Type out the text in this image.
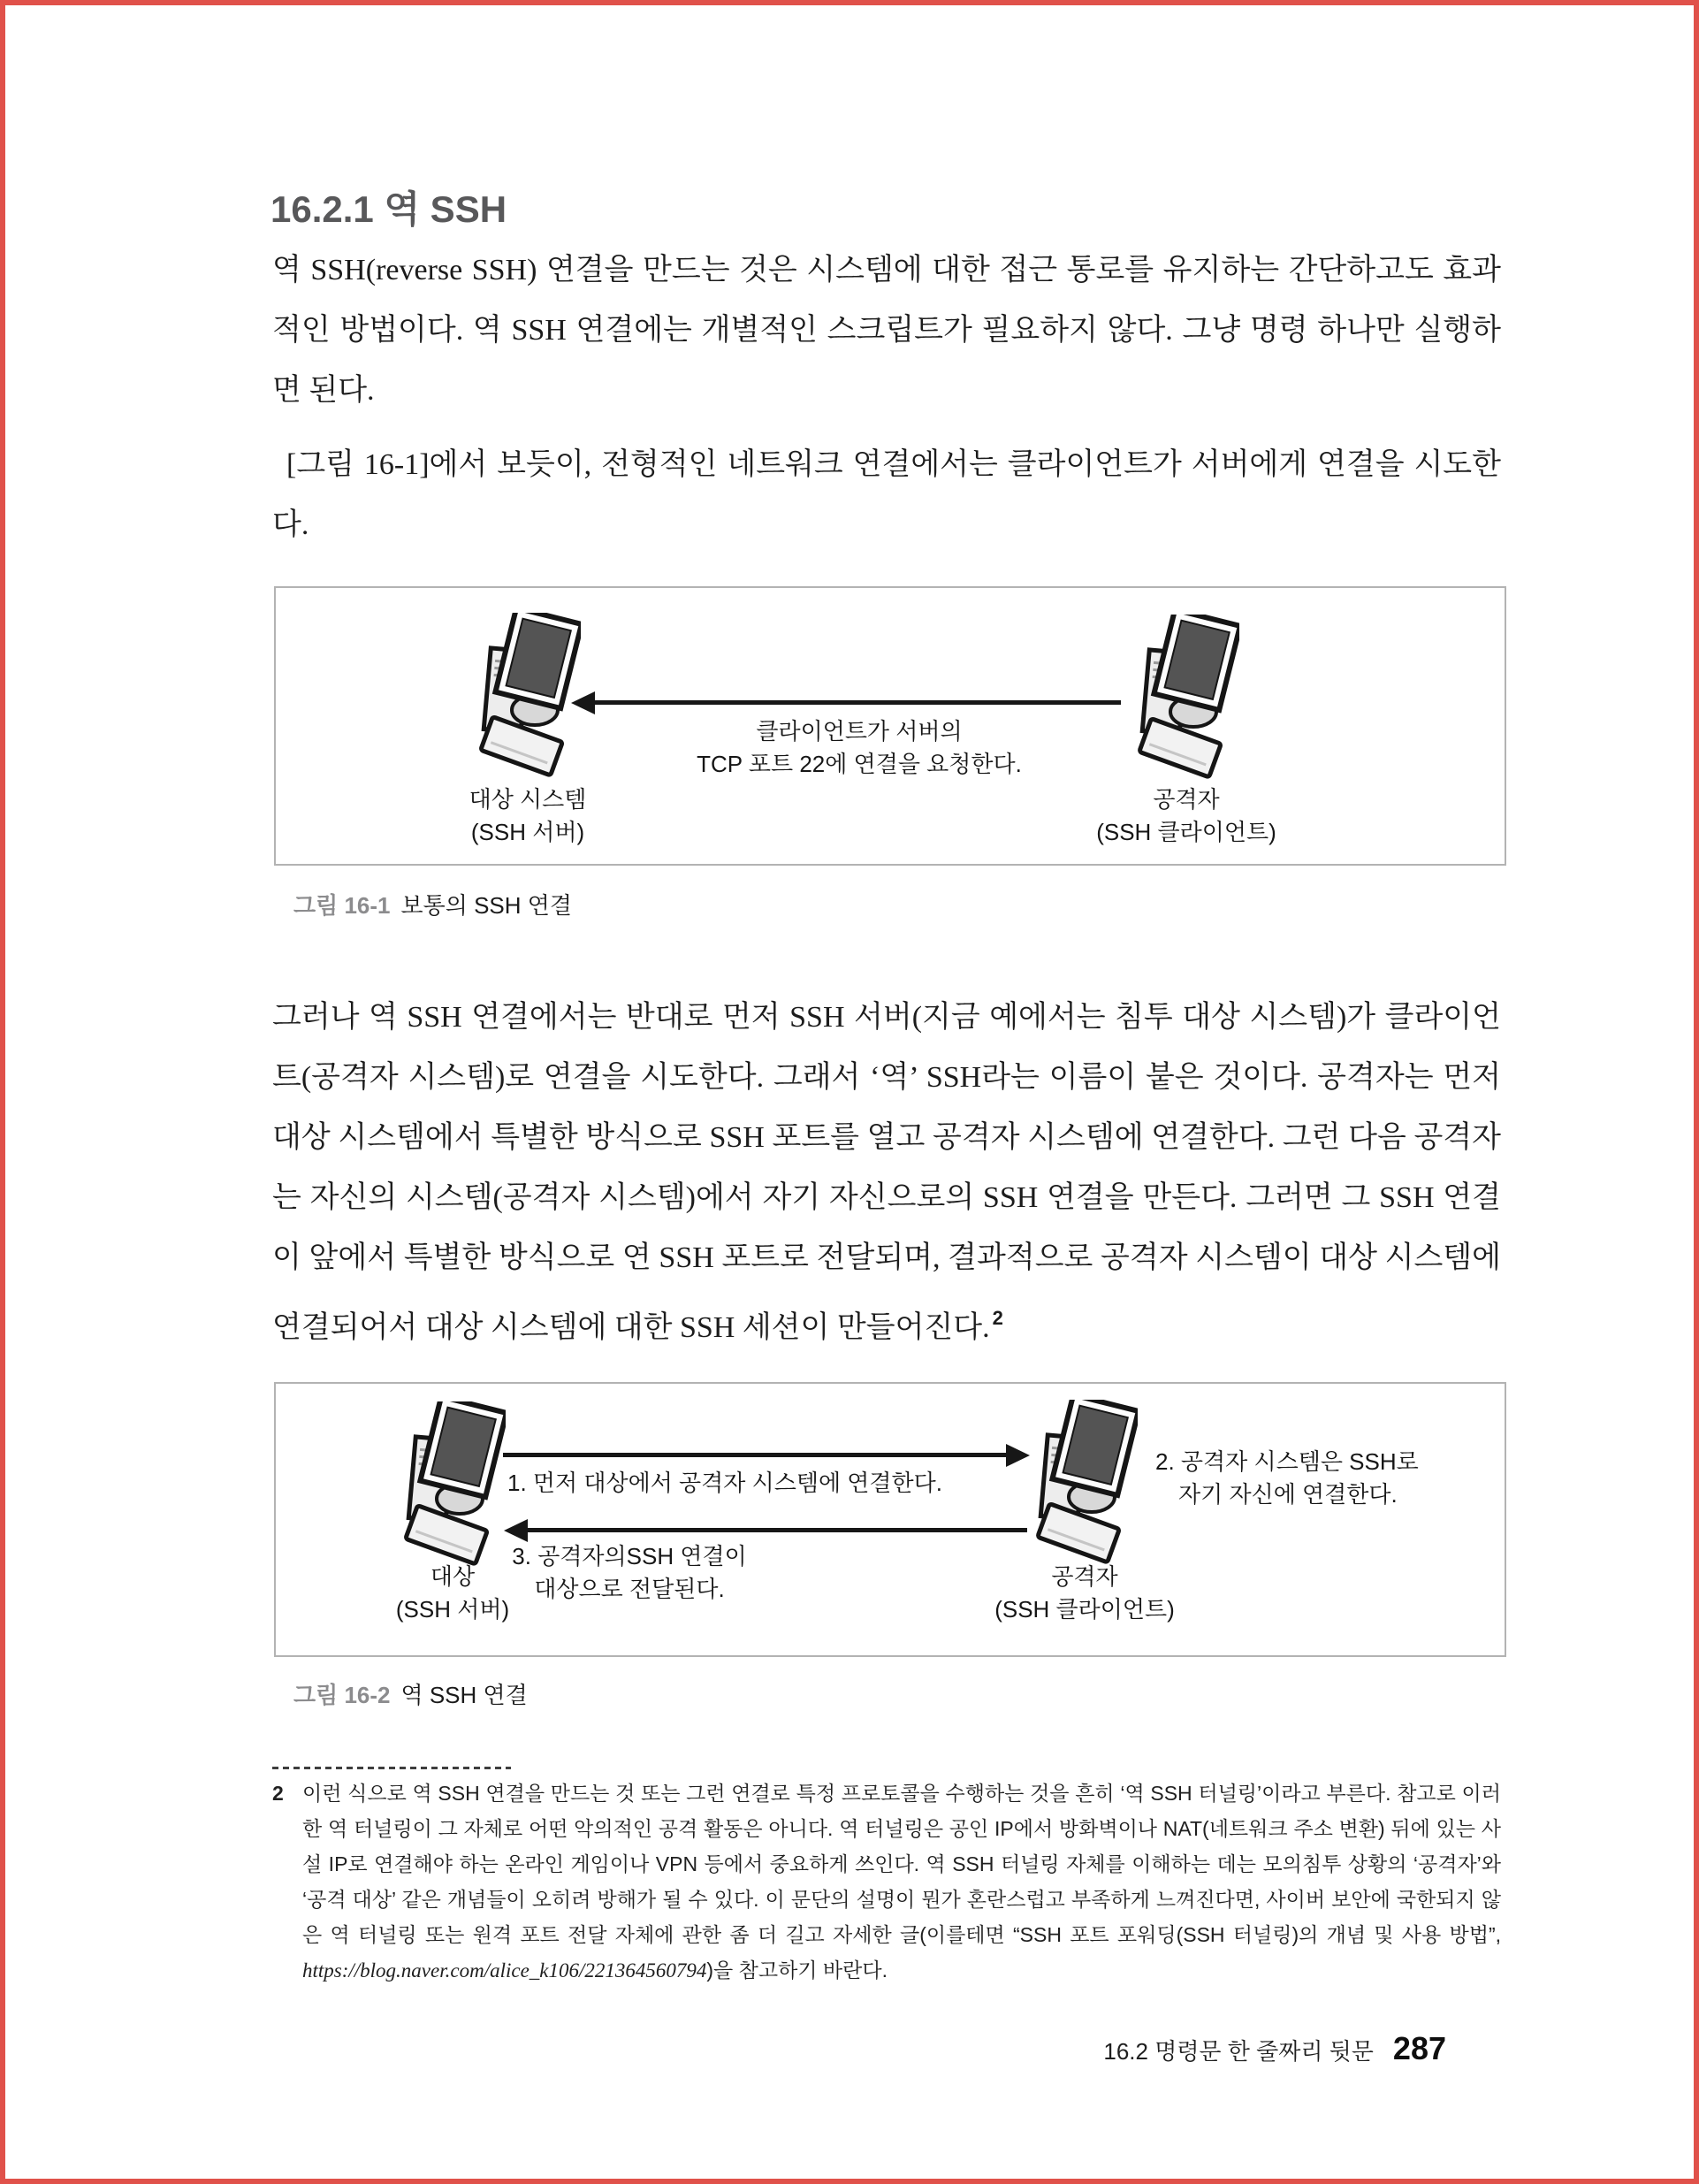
16.2.1 역 SSH

역 SSH(reverse SSH) 연결을 만드는 것은 시스템에 대한 접근 통로를 유지하는 간단하고도 효과적인 방법이다. 역 SSH 연결에는 개별적인 스크립트가 필요하지 않다. 그냥 명령 하나만 실행하면 된다.

[그림 16-1]에서 보듯이, 전형적인 네트워크 연결에서는 클라이언트가 서버에게 연결을 시도한다.

클라이언트가 서버의
TCP 포트 22에 연결을 요청한다.
대상 시스템
(SSH 서버)
공격자
(SSH 클라이언트)

그림 16-1 보통의 SSH 연결

그러나 역 SSH 연결에서는 반대로 먼저 SSH 서버(지금 예에서는 침투 대상 시스템)가 클라이언트(공격자 시스템)로 연결을 시도한다. 그래서 ‘역’ SSH라는 이름이 붙은 것이다. 공격자는 먼저 대상 시스템에서 특별한 방식으로 SSH 포트를 열고 공격자 시스템에 연결한다. 그런 다음 공격자는 자신의 시스템(공격자 시스템)에서 자기 자신으로의 SSH 연결을 만든다. 그러면 그 SSH 연결이 앞에서 특별한 방식으로 연 SSH 포트로 전달되며, 결과적으로 공격자 시스템이 대상 시스템에 연결되어서 대상 시스템에 대한 SSH 세션이 만들어진다. $^2$

1. 먼저 대상에서 공격자 시스템에 연결한다.
3. 공격자의SSH 연결이
대상으로 전달된다.
2. 공격자 시스템은 SSH로
자기 자신에 연결한다.
대상
(SSH 서버)
공격자
(SSH 클라이언트)

그림 16-2 역 SSH 연결

2 이런 식으로 역 SSH 연결을 만드는 것 또는 그런 연결로 특정 프로토콜을 수행하는 것을 흔히 ‘역 SSH 터널링’이라고 부른다. 참고로 이러한 역 터널링이 그 자체로 어떤 악의적인 공격 활동은 아니다. 역 터널링은 공인 IP에서 방화벽이나 NAT(네트워크 주소 변환) 뒤에 있는 사설 IP로 연결해야 하는 온라인 게임이나 VPN 등에서 중요하게 쓰인다. 역 SSH 터널링 자체를 이해하는 데는 모의침투 상황의 ‘공격자’와 ‘공격 대상’ 같은 개념들이 오히려 방해가 될 수 있다. 이 문단의 설명이 뭔가 혼란스럽고 부족하게 느껴진다면, 사이버 보안에 국한되지 않은 역 터널링 또는 원격 포트 전달 자체에 관한 좀 더 길고 자세한 글(이를테면 “SSH 포트 포워딩(SSH 터널링)의 개념 및 사용 방법”, https://blog.naver.com/alice_k106/221364560794)을 참고하기 바란다.
16.2 명령문 한 줄짜리 뒷문 287
